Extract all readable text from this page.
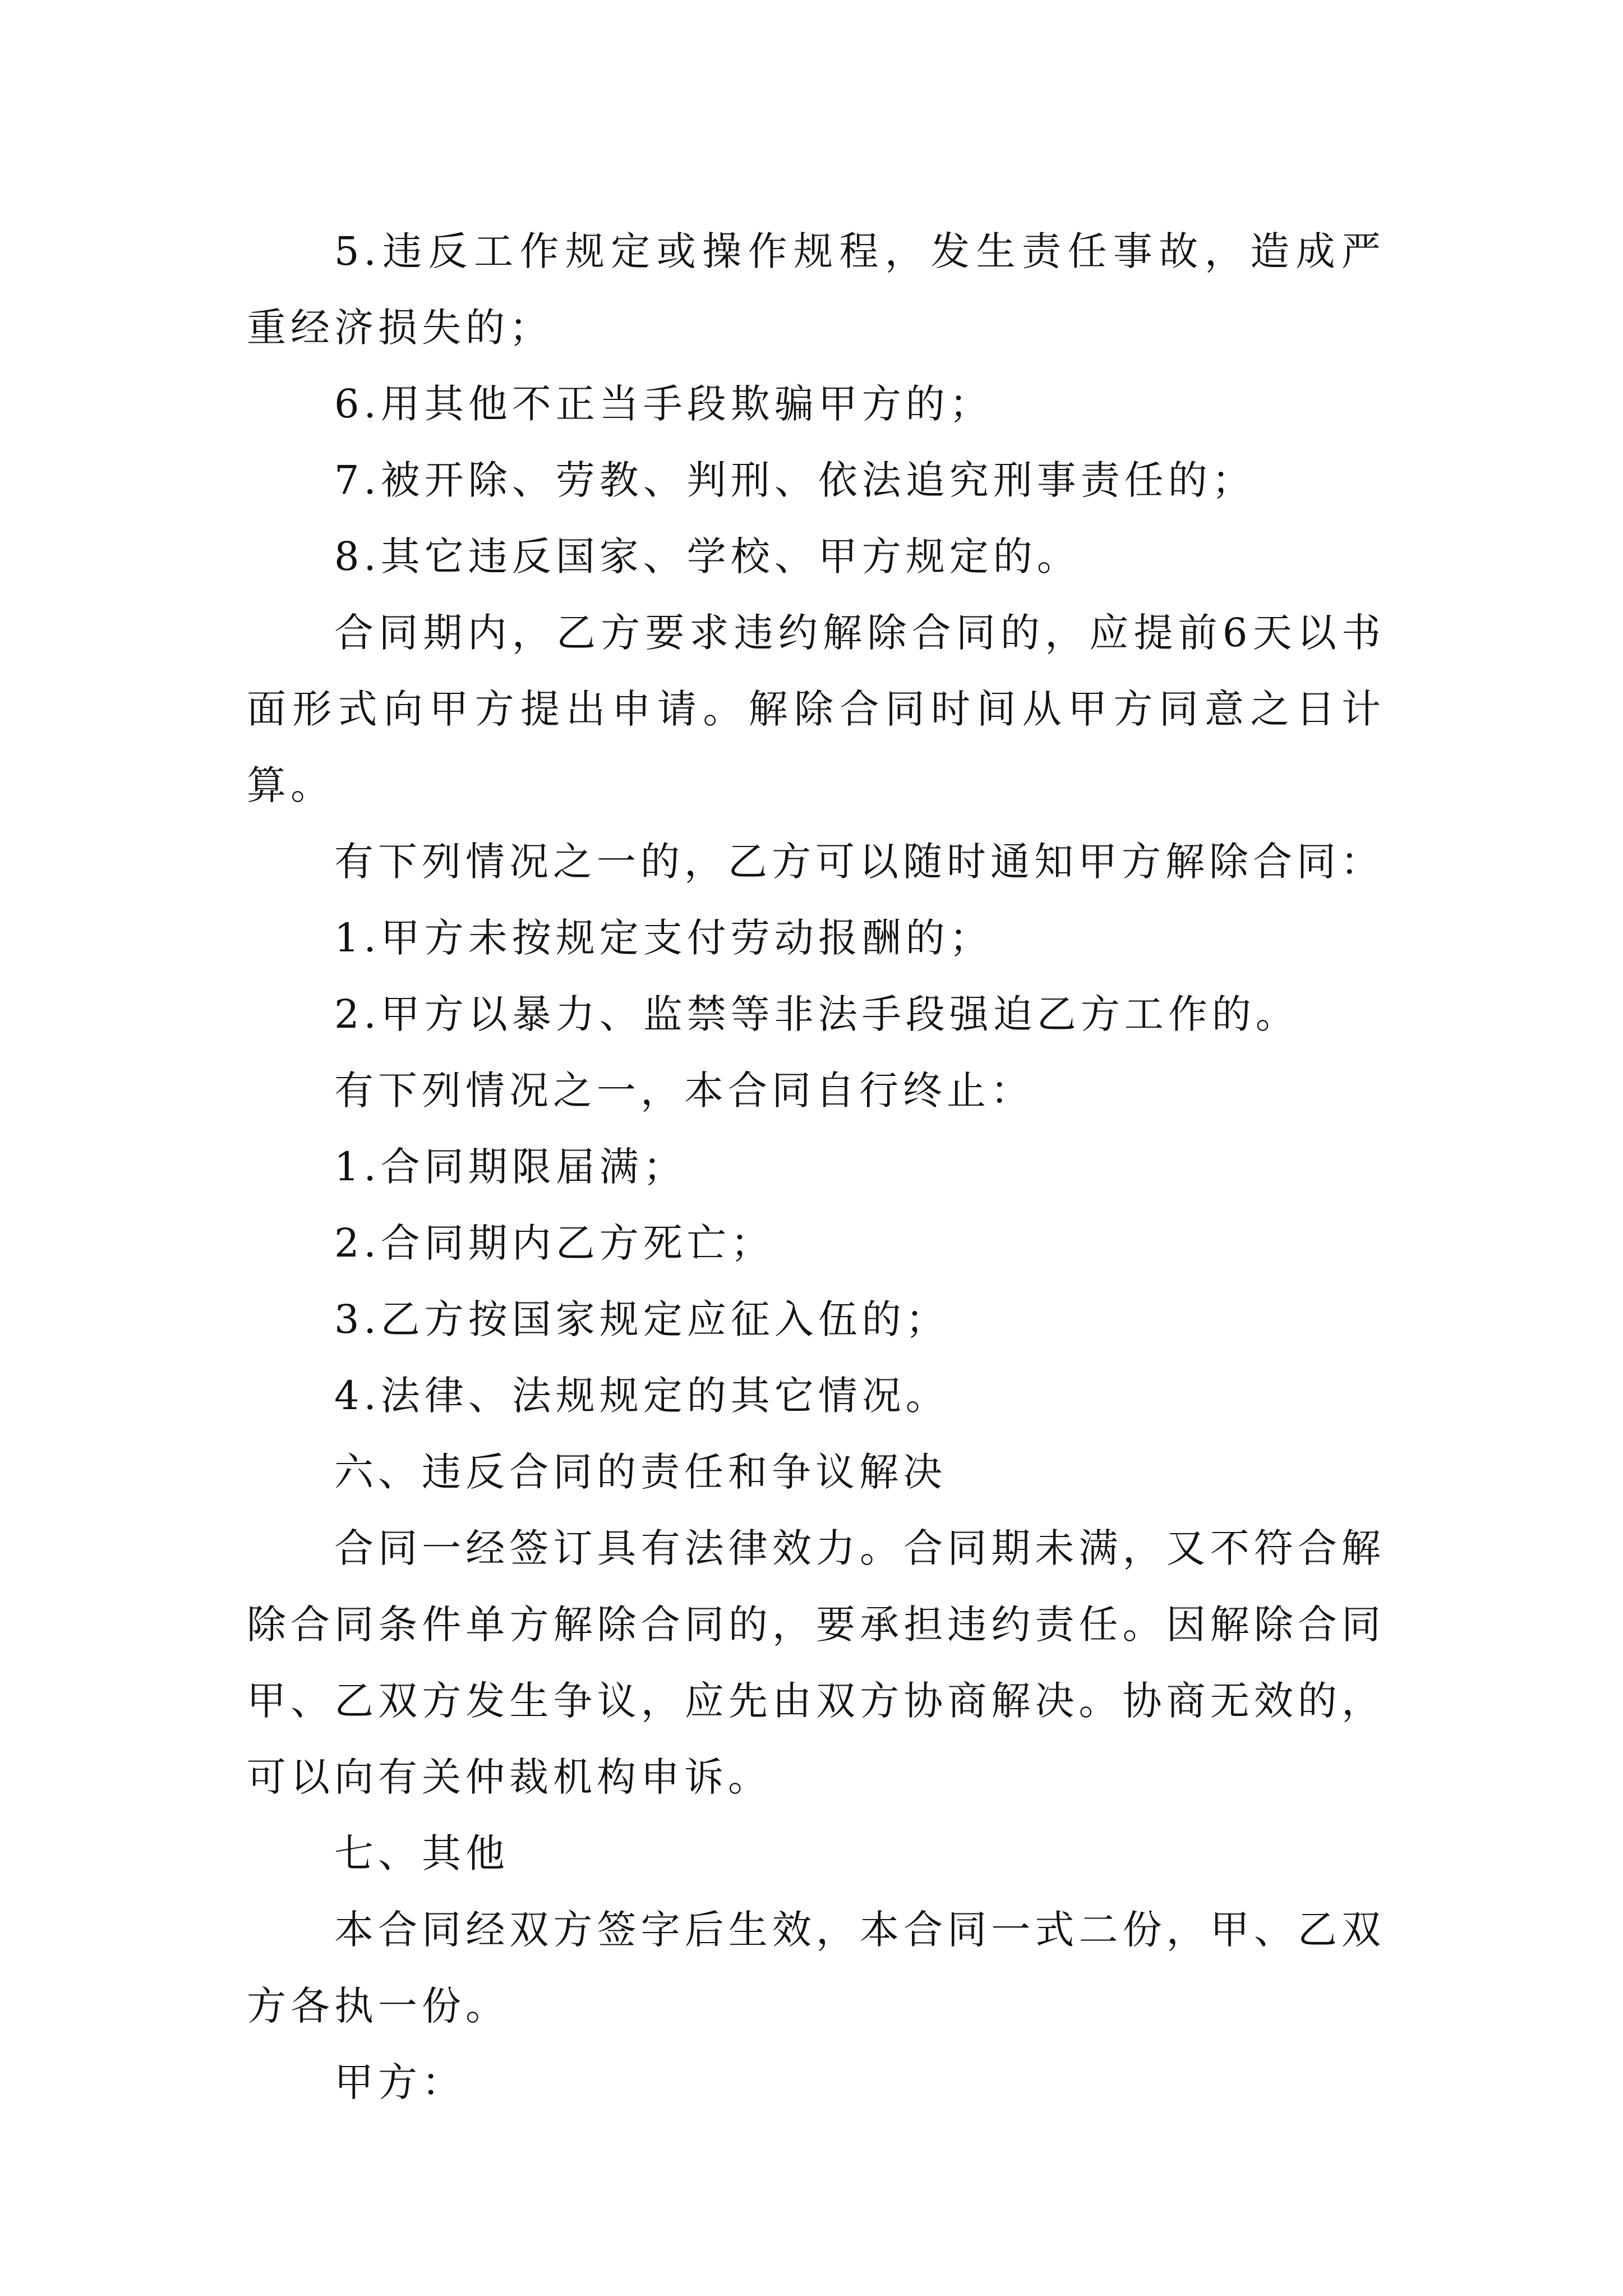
5.违反工作规定或操作规程，发生责任事故，造成严重经济损失的；

6.用其他不正当手段欺骗甲方的；

7.被开除、劳教、判刑、依法追究刑事责任的；

8.其它违反国家、学校、甲方规定的。

合同期内，乙方要求违约解除合同的，应提前6天以书面形式向甲方提出申请。解除合同时间从甲方同意之日计算。

有下列情况之一的，乙方可以随时通知甲方解除合同：

1.甲方未按规定支付劳动报酬的；

2.甲方以暴力、监禁等非法手段强迫乙方工作的。

有下列情况之一，本合同自行终止：

1.合同期限届满；

2.合同期内乙方死亡；

3.乙方按国家规定应征入伍的；

4.法律、法规规定的其它情况。

六、违反合同的责任和争议解决

合同一经签订具有法律效力。合同期未满，又不符合解除合同条件单方解除合同的，要承担违约责任。因解除合同甲、乙双方发生争议，应先由双方协商解决。协商无效的，可以向有关仲裁机构申诉。

七、其他

本合同经双方签字后生效，本合同一式二份，甲、乙双方各执一份。

甲方：
